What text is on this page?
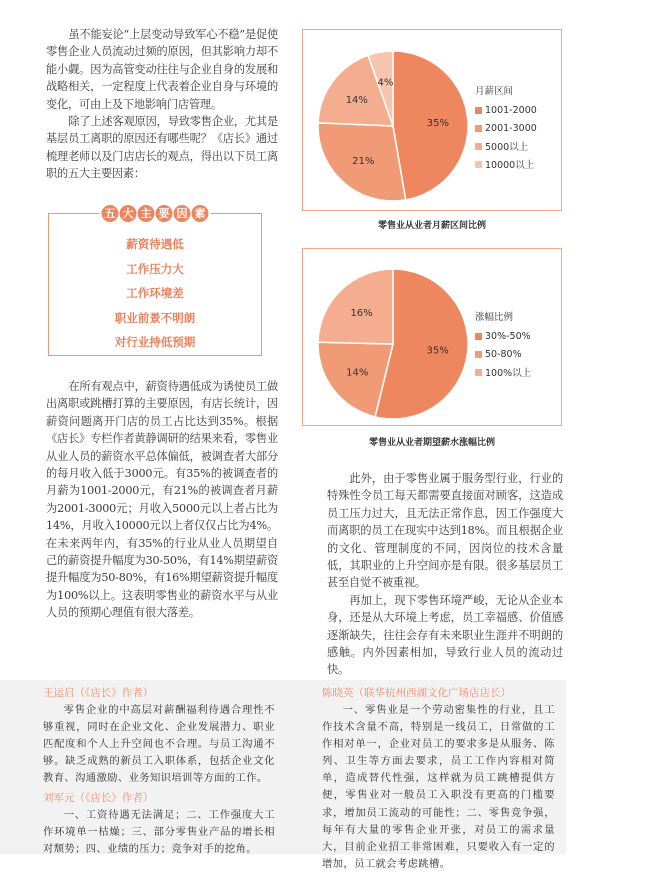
虽不能妄论“上层变动导致军心不稳”是促使零售企业人员流动过频的原因，但其影响力却不能小觑。因为高管变动往往与企业自身的发展和战略相关，一定程度上代表着企业自身与环境的变化，可由上及下地影响门店管理。

除了上述客观原因，导致零售企业，尤其是基层员工离职的原因还有哪些呢？《店长》通过梳理老师以及门店店长的观点，得出以下员工离职的五大主要因素：

五 大 主 要 因 素
薪资待遇低
工作压力大
工作环境差
职业前景不明朗
对行业持低预期

在所有观点中，薪资待遇低成为诱使员工做出离职或跳槽打算的主要原因，有店长统计，因薪资问题离开门店的员工占比达到35%。根据《店长》专栏作者黄静调研的结果来看，零售业从业人员的薪资水平总体偏低，被调查者大部分的每月收入低于3000元。有35%的被调查者的月薪为1001-2000元，有21%的被调查者月薪为2001-3000元；月收入5000元以上者占比为14%，月收入10000元以上者仅仅占比为4%。在未来两年内，有35%的行业从业人员期望自己的薪资提升幅度为30-50%，有14%期望薪资提升幅度为50-80%，有16%期望薪资提升幅度为100%以上。这表明零售业的薪资水平与从业人员的预期心理值有很大落差。

35%
21%
14%
4%
月薪区间
1001-2000
2001-3000
5000以上
10000以上
零售业从业者月薪区间比例
35%
14%
16%	涨幅比例
30%-50%
50-80%
100%以上
零售业从业者期望薪水涨幅比例

此外，由于零售业属于服务型行业，行业的特殊性令员工每天都需要直接面对顾客，这造成员工压力过大，且无法正常作息，因工作强度大而离职的员工在现实中达到18%。而且根据企业的文化、管理制度的不同，因岗位的技术含量低，其职业的上升空间亦是有限。很多基层员工甚至自觉不被重视。

再加上，现下零售环境严峻，无论从企业本身，还是从大环境上考虑，员工幸福感、价值感逐渐缺失，往往会存有未来职业生涯并不明朗的感触。内外因素相加，导致行业人员的流动过快。

王运启（《店长》作者）

零售企业的中高层对薪酬福利待遇合理性不够重视，同时在企业文化、企业发展潜力、职业匹配度和个人上升空间也不合理。与员工沟通不够。缺乏成熟的新员工入职体系，包括企业文化教育、沟通激励、业务知识培训等方面的工作。

刘军元（《店长》作者）

一、工资待遇无法满足；二、工作强度大工作环境单一枯燥；三、部分零售业产品的增长相对颓势；四、业绩的压力；竞争对手的挖角。

陈晓英（联华杭州西湖文化广场店店长）

一、零售业是一个劳动密集性的行业，且工作技术含量不高，特别是一线员工，日常做的工作相对单一，企业对员工的要求多是从服务、陈列、卫生等方面去要求，员工工作内容相对简单，造成替代性强，这样就为员工跳槽提供方便，零售业对一般员工入职没有更高的门槛要求，增加员工流动的可能性；二、零售竞争强，每年有大量的零售企业开张，对员工的需求量大，目前企业招工非常困难，只要收入有一定的增加，员工就会考虑跳槽。
